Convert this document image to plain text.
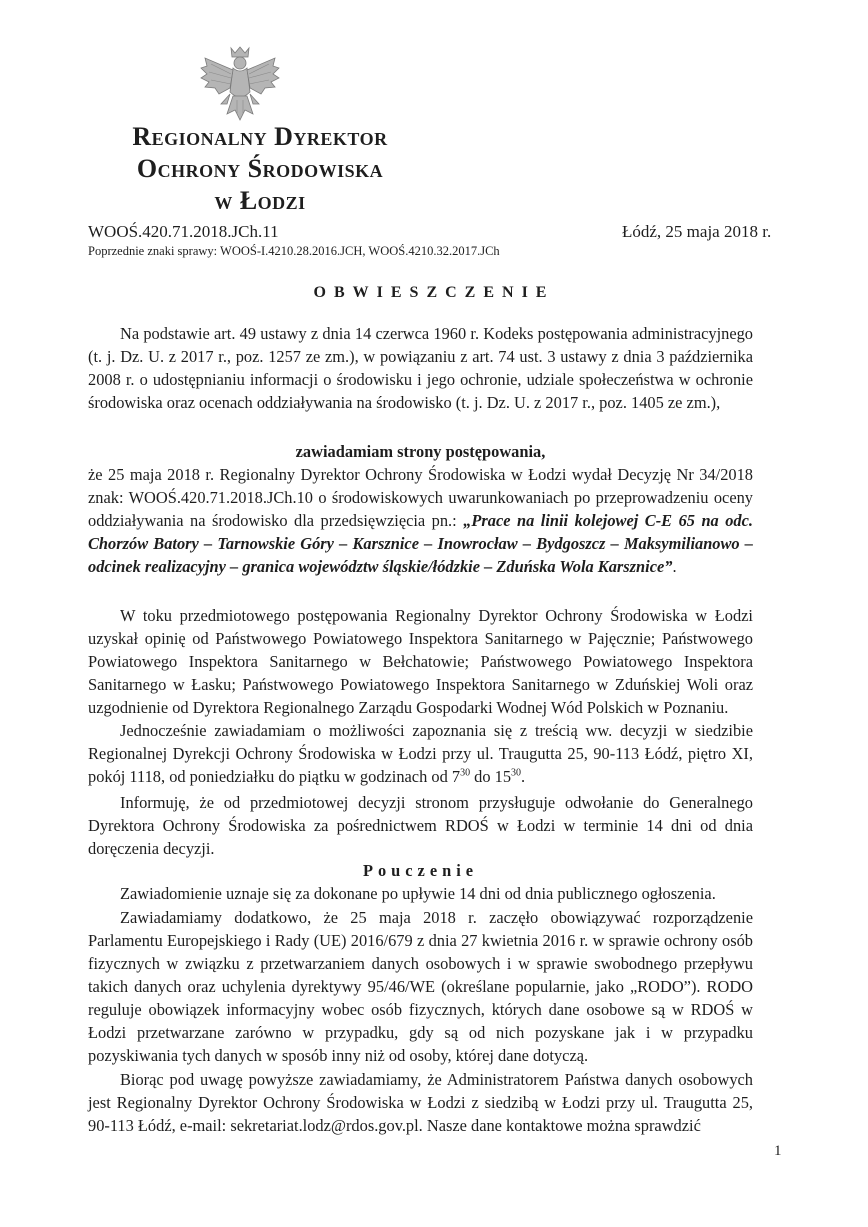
Regionalny Dyrektor
Ochrony Środowiska
w Łodzi
WOOŚ.420.71.2018.JCh.11
Poprzednie znaki sprawy: WOOŚ-I.4210.28.2016.JCH, WOOŚ.4210.32.2017.JCh
Łódź, 25 maja 2018 r.
OBWIESZCZENIE

Na podstawie art. 49 ustawy z dnia 14 czerwca 1960 r. Kodeks postępowania administracyjnego (t. j. Dz. U. z 2017 r., poz. 1257 ze zm.), w powiązaniu z art. 74 ust. 3 ustawy z dnia 3 października 2008 r. o udostępnianiu informacji o środowisku i jego ochronie, udziale społeczeństwa w ochronie środowiska oraz ocenach oddziaływania na środowisko (t. j. Dz. U. z 2017 r., poz. 1405 ze zm.),

zawiadamiam strony postępowania,

że 25 maja 2018 r. Regionalny Dyrektor Ochrony Środowiska w Łodzi wydał Decyzję Nr 34/2018 znak: WOOŚ.420.71.2018.JCh.10 o środowiskowych uwarunkowaniach po przeprowadzeniu oceny oddziaływania na środowisko dla przedsięwzięcia pn.: „Prace na linii kolejowej C-E 65 na odc. Chorzów Batory – Tarnowskie Góry – Karsznice – Inowrocław – Bydgoszcz – Maksymilianowo – odcinek realizacyjny – granica województw śląskie/łódzkie – Zduńska Wola Karsznice”.

W toku przedmiotowego postępowania Regionalny Dyrektor Ochrony Środowiska w Łodzi uzyskał opinię od Państwowego Powiatowego Inspektora Sanitarnego w Pajęcznie; Państwowego Powiatowego Inspektora Sanitarnego w Bełchatowie; Państwowego Powiatowego Inspektora Sanitarnego w Łasku; Państwowego Powiatowego Inspektora Sanitarnego w Zduńskiej Woli oraz uzgodnienie od Dyrektora Regionalnego Zarządu Gospodarki Wodnej Wód Polskich w Poznaniu.

Jednocześnie zawiadamiam o możliwości zapoznania się z treścią ww. decyzji w siedzibie Regionalnej Dyrekcji Ochrony Środowiska w Łodzi przy ul. Traugutta 25, 90-113 Łódź, piętro XI, pokój 1118, od poniedziałku do piątku w godzinach od $7^{30}$ do $15^{30}$.

Informuję, że od przedmiotowej decyzji stronom przysługuje odwołanie do Generalnego Dyrektora Ochrony Środowiska za pośrednictwem RDOŚ w Łodzi w terminie 14 dni od dnia doręczenia decyzji.

Pouczenie

Zawiadomienie uznaje się za dokonane po upływie 14 dni od dnia publicznego ogłoszenia.

Zawiadamiamy dodatkowo, że 25 maja 2018 r. zaczęło obowiązywać rozporządzenie Parlamentu Europejskiego i Rady (UE) 2016/679 z dnia 27 kwietnia 2016 r. w sprawie ochrony osób fizycznych w związku z przetwarzaniem danych osobowych i w sprawie swobodnego przepływu takich danych oraz uchylenia dyrektywy 95/46/WE (określane popularnie, jako „RODO”). RODO reguluje obowiązek informacyjny wobec osób fizycznych, których dane osobowe są w RDOŚ w Łodzi przetwarzane zarówno w przypadku, gdy są od nich pozyskane jak i w przypadku pozyskiwania tych danych w sposób inny niż od osoby, której dane dotyczą.

Biorąc pod uwagę powyższe zawiadamiamy, że Administratorem Państwa danych osobowych jest Regionalny Dyrektor Ochrony Środowiska w Łodzi z siedzibą w Łodzi przy ul. Traugutta 25, 90-113 Łódź, e-mail: sekretariat.lodz@rdos.gov.pl. Nasze dane kontaktowe można sprawdzić

1
